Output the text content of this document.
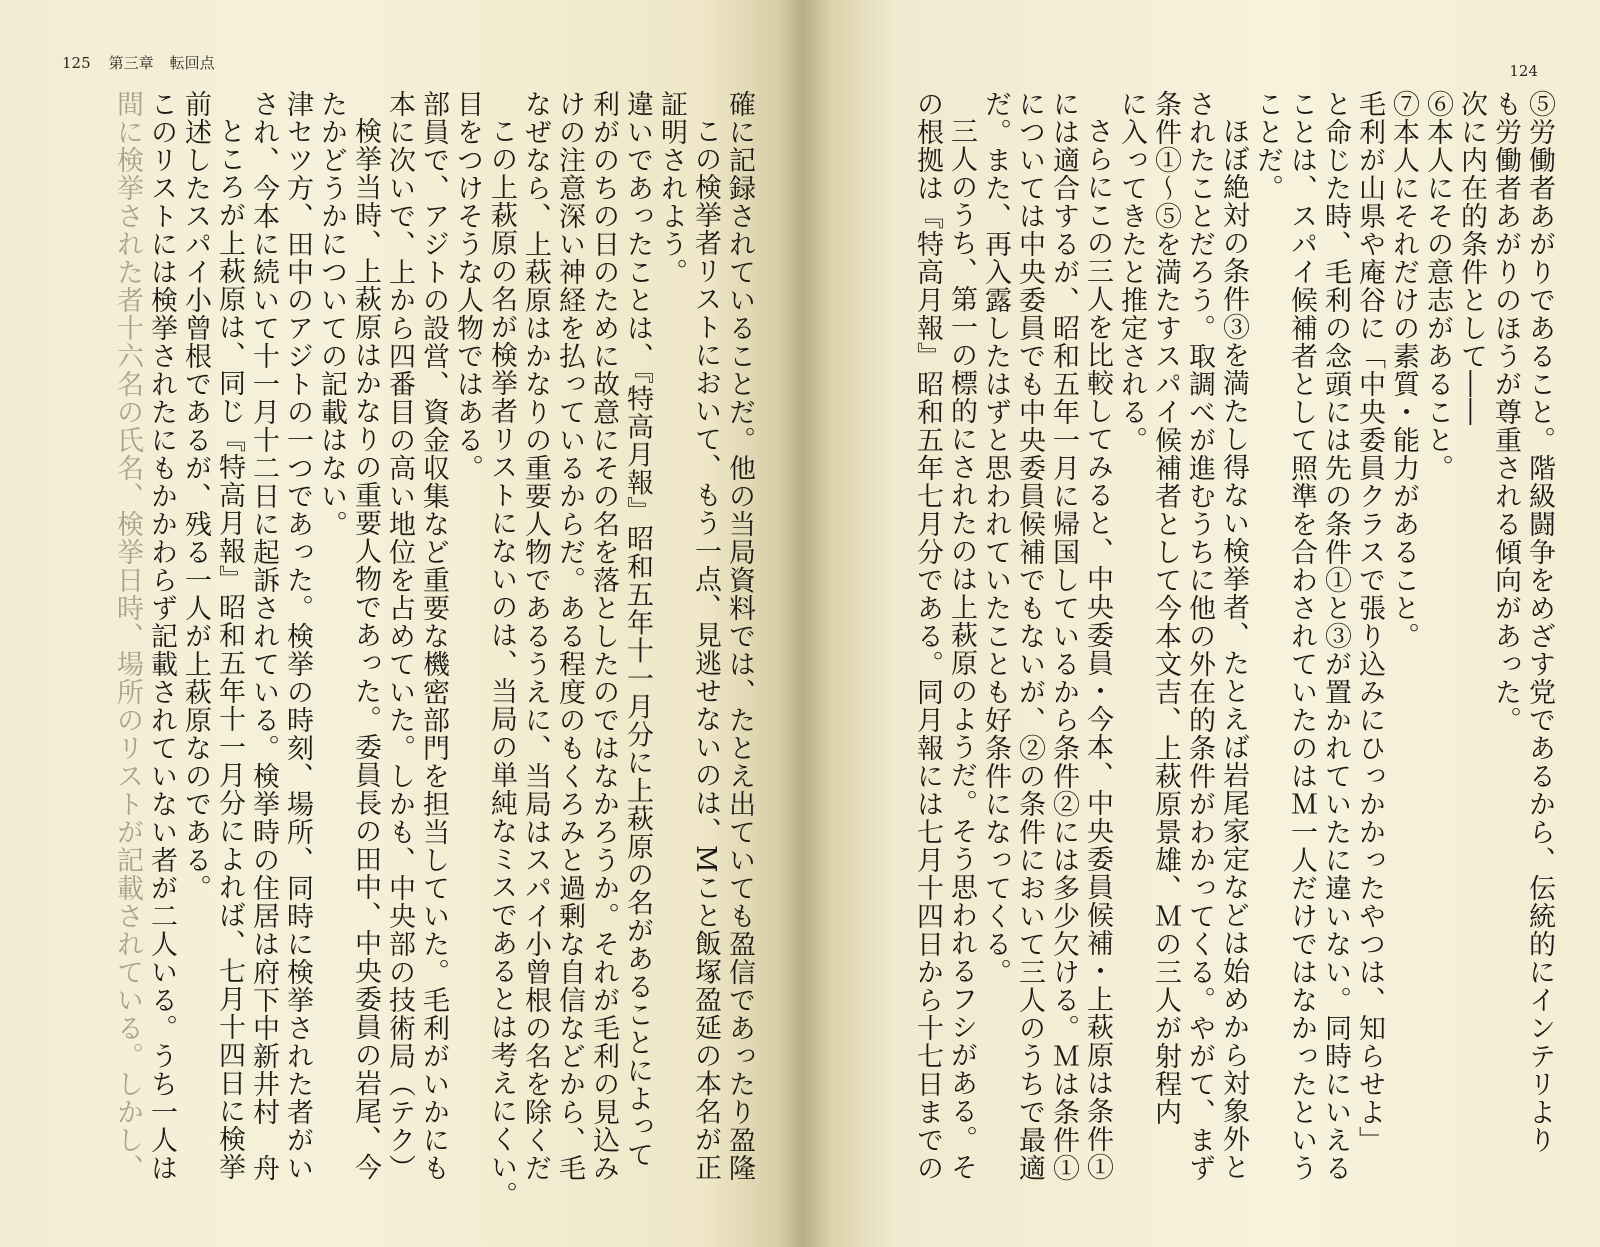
125 第三章 転回点

確に記録されていることだ。他の当局資料では、たとえ出ていても盈信であったり盈隆

この検挙者リストにおいて、もう一点、見逃せないのは、Mこと飯塚盈延の本名が正

証明されよう。

違いであったことは、『特高月報』昭和五年十一月分に上萩原の名があることによって

利がのちの日のために故意にその名を落としたのではなかろうか。それが毛利の見込み

けの注意深い神経を払っているからだ。ある程度のもくろみと過剰な自信などから、毛

なぜなら、上萩原はかなりの重要人物であるうえに、当局はスパイ小曾根の名を除くだ

この上萩原の名が検挙者リストにないのは、当局の単純なミスであるとは考えにくい。

目をつけそうな人物ではある。

部員で、アジトの設営、資金収集など重要な機密部門を担当していた。毛利がいかにも

本に次いで、上から四番目の高い地位を占めていた。しかも、中央部の技術局（テク）

検挙当時、上萩原はかなりの重要人物であった。委員長の田中、中央委員の岩尾、今

たかどうかについての記載はない。

津セツ方、田中のアジトの一つであった。検挙の時刻、場所、同時に検挙された者がい

され、今本に続いて十一月十二日に起訴されている。検挙時の住居は府下中新井村　舟

ところが上萩原は、同じ『特高月報』昭和五年十一月分によれば、七月十四日に検挙

前述したスパイ小曾根であるが、残る一人が上萩原なのである。

このリストには検挙されたにもかかわらず記載されていない者が二人いる。うち一人は

間に検挙された者十六名の氏名、検挙日時、場所のリストが記載されている。しかし、

124

⑤労働者あがりであること。階級闘争をめざす党であるから、伝統的にインテリより

も労働者あがりのほうが尊重される傾向があった。

次に内在的条件として――

⑥本人にその意志があること。

⑦本人にそれだけの素質・能力があること。

毛利が山県や庵谷に「中央委員クラスで張り込みにひっかかったやつは、知らせよ」

と命じた時、毛利の念頭には先の条件①と③が置かれていたに違いない。同時にいえる

ことは、スパイ候補者として照準を合わされていたのはＭ一人だけではなかったという

ことだ。

ほぼ絶対の条件③を満たし得ない検挙者、たとえば岩尾家定などは始めから対象外と

されたことだろう。取調べが進むうちに他の外在的条件がわかってくる。やがて、まず

条件①～⑤を満たすスパイ候補者として今本文吉、上萩原景雄、Ｍの三人が射程内

に入ってきたと推定される。

さらにこの三人を比較してみると、中央委員・今本、中央委員候補・上萩原は条件①

には適合するが、昭和五年一月に帰国しているから条件②には多少欠ける。Ｍは条件①

については中央委員でも中央委員候補でもないが、②の条件において三人のうちで最適

だ。また、再入露したはずと思われていたことも好条件になってくる。

三人のうち、第一の標的にされたのは上萩原のようだ。そう思われるフシがある。そ

の根拠は『特高月報』昭和五年七月分である。同月報には七月十四日から十七日までの
